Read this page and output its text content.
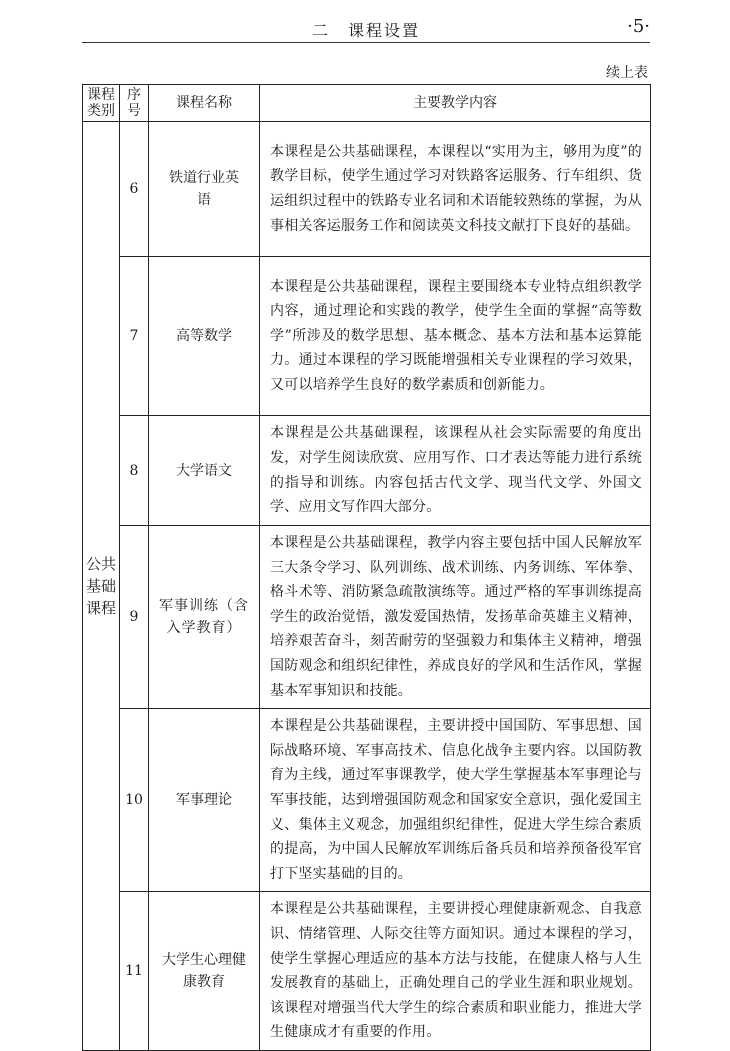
二　课程设置	·5·
续上表
课程类别	序号	课程名称	主要教学内容
公共基础课程	6	铁道行业英语	本课程是公共基础课程，本课程以“实用为主，够用为度”的教学目标，使学生通过学习对铁路客运服务、行车组织、货运组织过程中的铁路专业名词和术语能较熟练的掌握，为从事相关客运服务工作和阅读英文科技文献打下良好的基础。
	7	高等数学	本课程是公共基础课程，课程主要围绕本专业特点组织教学内容，通过理论和实践的教学，使学生全面的掌握“高等数学”所涉及的数学思想、基本概念、基本方法和基本运算能力。通过本课程的学习既能增强相关专业课程的学习效果，又可以培养学生良好的数学素质和创新能力。
	8	大学语文	本课程是公共基础课程，该课程从社会实际需要的角度出发，对学生阅读欣赏、应用写作、口才表达等能力进行系统的指导和训练。内容包括古代文学、现当代文学、外国文学、应用文写作四大部分。
	9	军事训练（含入学教育）	本课程是公共基础课程，教学内容主要包括中国人民解放军三大条令学习、队列训练、战术训练、内务训练、军体拳、格斗术等、消防紧急疏散演练等。通过严格的军事训练提高学生的政治觉悟，激发爱国热情，发扬革命英雄主义精神，培养艰苦奋斗，刻苦耐劳的坚强毅力和集体主义精神，增强国防观念和组织纪律性，养成良好的学风和生活作风，掌握基本军事知识和技能。
	10	军事理论	本课程是公共基础课程，主要讲授中国国防、军事思想、国际战略环境、军事高技术、信息化战争主要内容。以国防教育为主线，通过军事课教学，使大学生掌握基本军事理论与军事技能，达到增强国防观念和国家安全意识，强化爱国主义、集体主义观念，加强组织纪律性，促进大学生综合素质的提高，为中国人民解放军训练后备兵员和培养预备役军官打下坚实基础的目的。
	11	大学生心理健康教育	本课程是公共基础课程，主要讲授心理健康新观念、自我意识、情绪管理、人际交往等方面知识。通过本课程的学习，使学生掌握心理适应的基本方法与技能，在健康人格与人生发展教育的基础上，正确处理自己的学业生涯和职业规划。该课程对增强当代大学生的综合素质和职业能力，推进大学生健康成才有重要的作用。
